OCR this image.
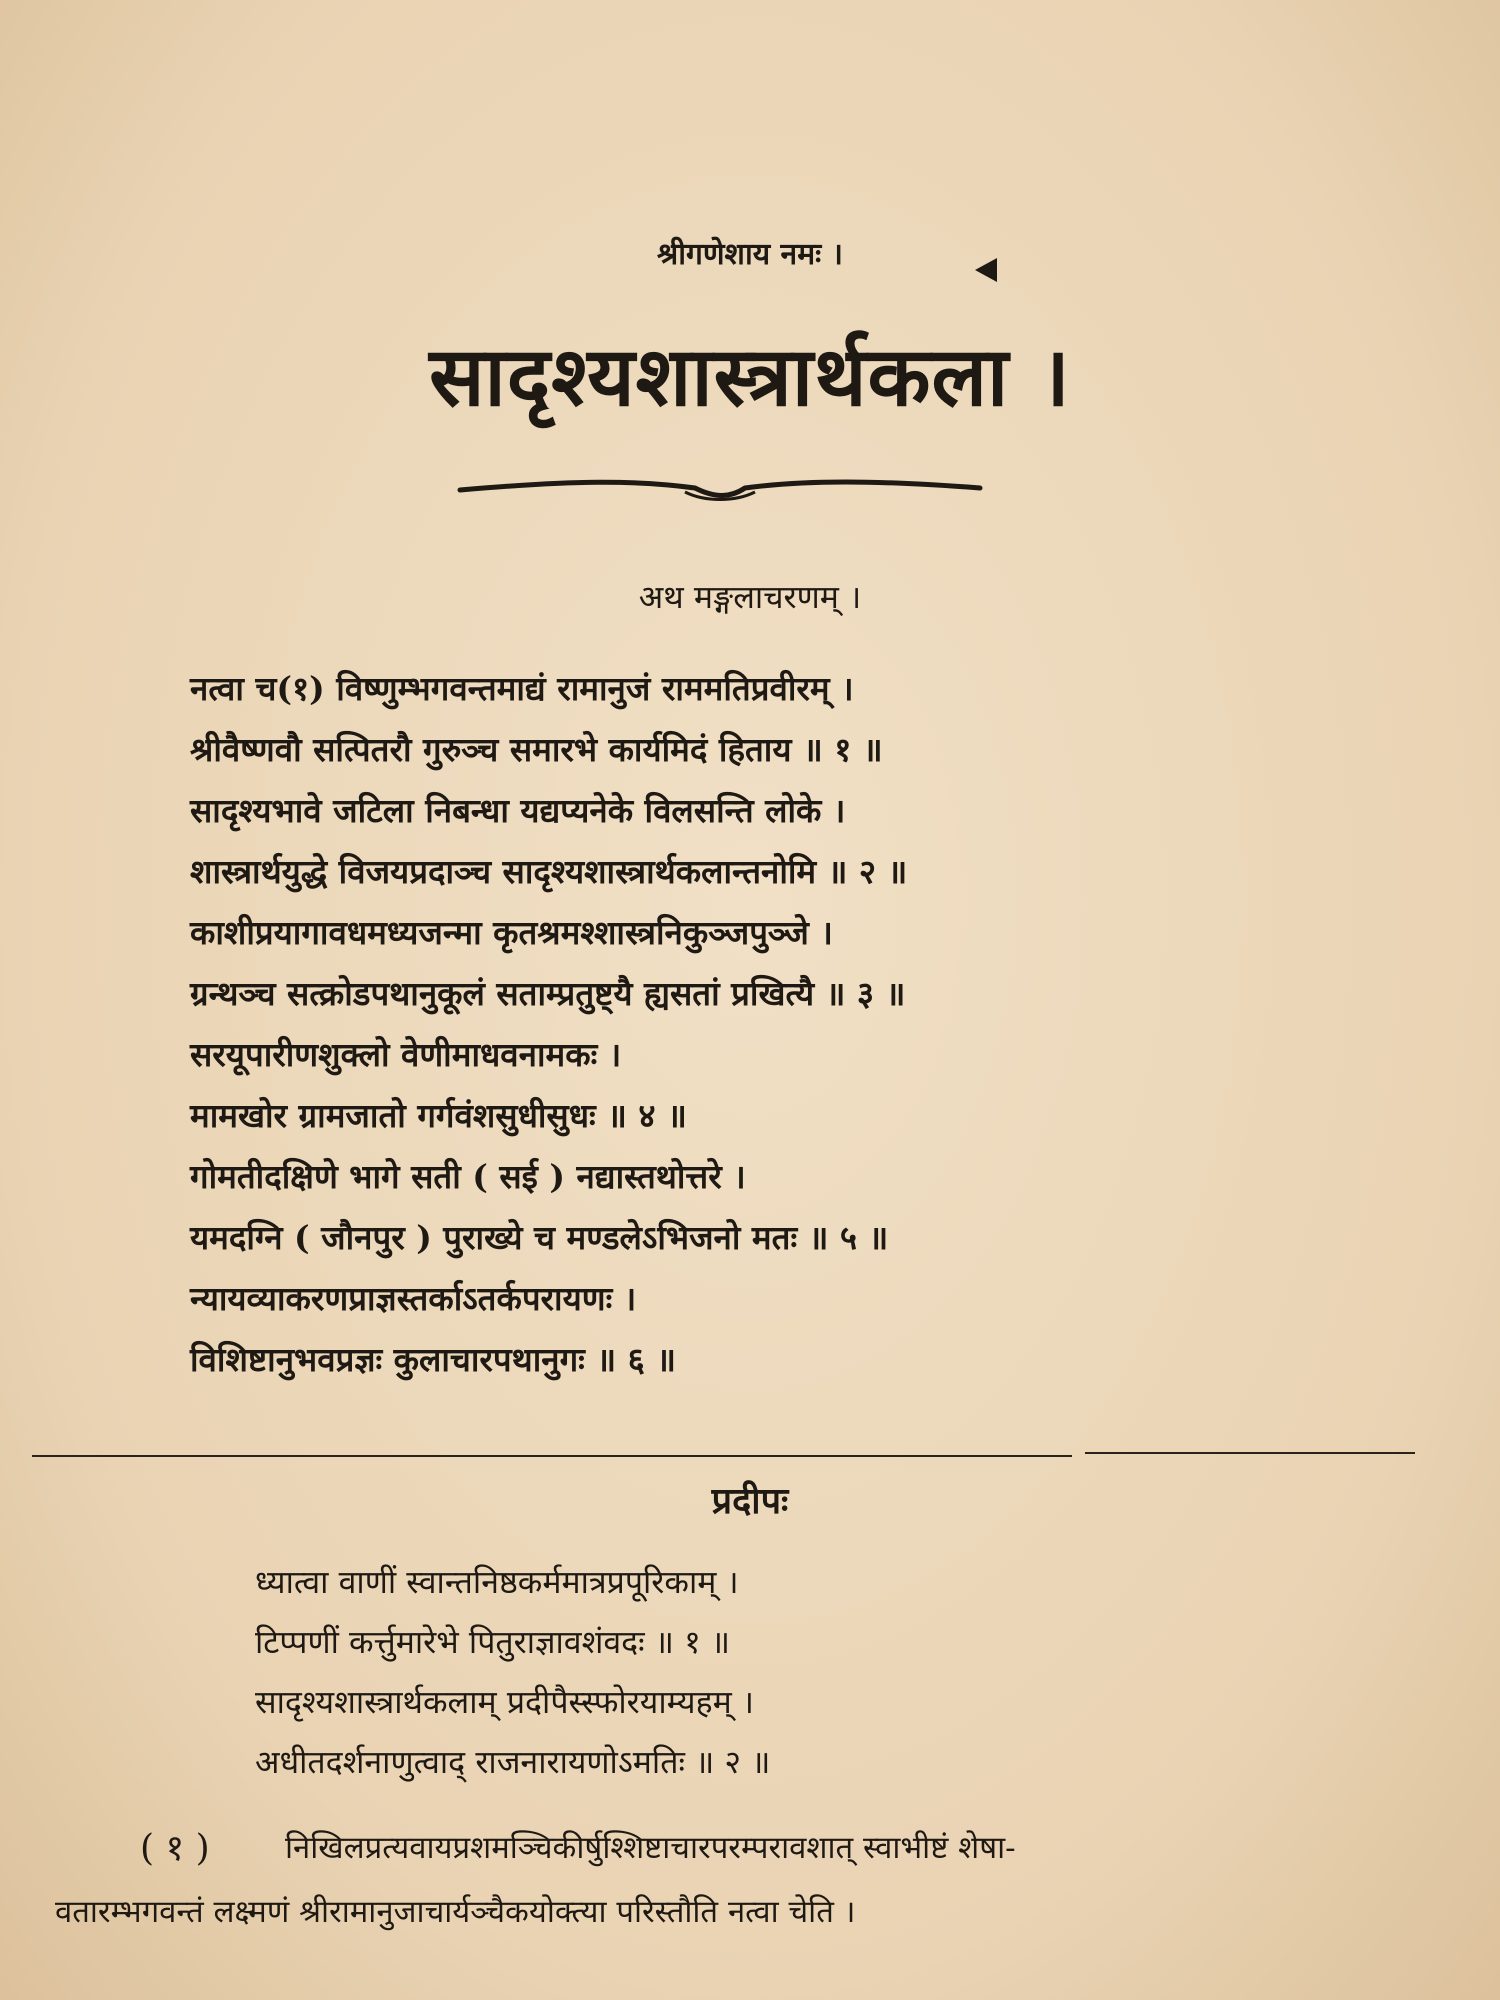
श्रीगणेशाय नमः ।
सादृश्यशास्त्रार्थकला ।
अथ मङ्गलाचरणम् ।
नत्वा च(१) विष्णुम्भगवन्तमाद्यं रामानुजं राममतिप्रवीरम् ।
श्रीवैष्णवौ सत्पितरौ गुरुञ्च समारभे कार्यमिदं हिताय ॥ १ ॥
सादृश्यभावे जटिला निबन्धा यद्यप्यनेके विलसन्ति लोके ।
शास्त्रार्थयुद्धे विजयप्रदाञ्च सादृश्यशास्त्रार्थकलान्तनोमि ॥ २ ॥
काशीप्रयागावधमध्यजन्मा कृतश्रमश्शास्त्रनिकुञ्जपुञ्जे ।
ग्रन्थञ्च सत्क्रोडपथानुकूलं सताम्प्रतुष्ट्यै ह्यसतां प्रखित्यै ॥ ३ ॥
सरयूपारीणशुक्लो वेणीमाधवनामकः ।
मामखोर ग्रामजातो गर्गवंशसुधीसुधः ॥ ४ ॥
गोमतीदक्षिणे भागे सती ( सई ) नद्यास्तथोत्तरे ।
यमदग्नि ( जौनपुर ) पुराख्ये च मण्डलेऽभिजनो मतः ॥ ५ ॥
न्यायव्याकरणप्राज्ञस्तर्काऽतर्कपरायणः ।
विशिष्टानुभवप्रज्ञः कुलाचारपथानुगः ॥ ६ ॥
प्रदीपः
ध्यात्वा वाणीं स्वान्तनिष्ठकर्ममात्रप्रपूरिकाम् ।
टिप्पणीं कर्त्तुमारेभे पितुराज्ञावशंवदः ॥ १ ॥
सादृश्यशास्त्रार्थकलाम् प्रदीपैस्स्फोरयाम्यहम् ।
अधीतदर्शनाणुत्वाद् राजनारायणोऽमतिः ॥ २ ॥
( १ ) निखिलप्रत्यवायप्रशमञ्चिकीर्षुश्शिष्टाचारपरम्परावशात् स्वाभीष्टं शेषा-
वतारम्भगवन्तं लक्ष्मणं श्रीरामानुजाचार्यञ्चैकयोक्त्या परिस्तौति नत्वा चेति ।
